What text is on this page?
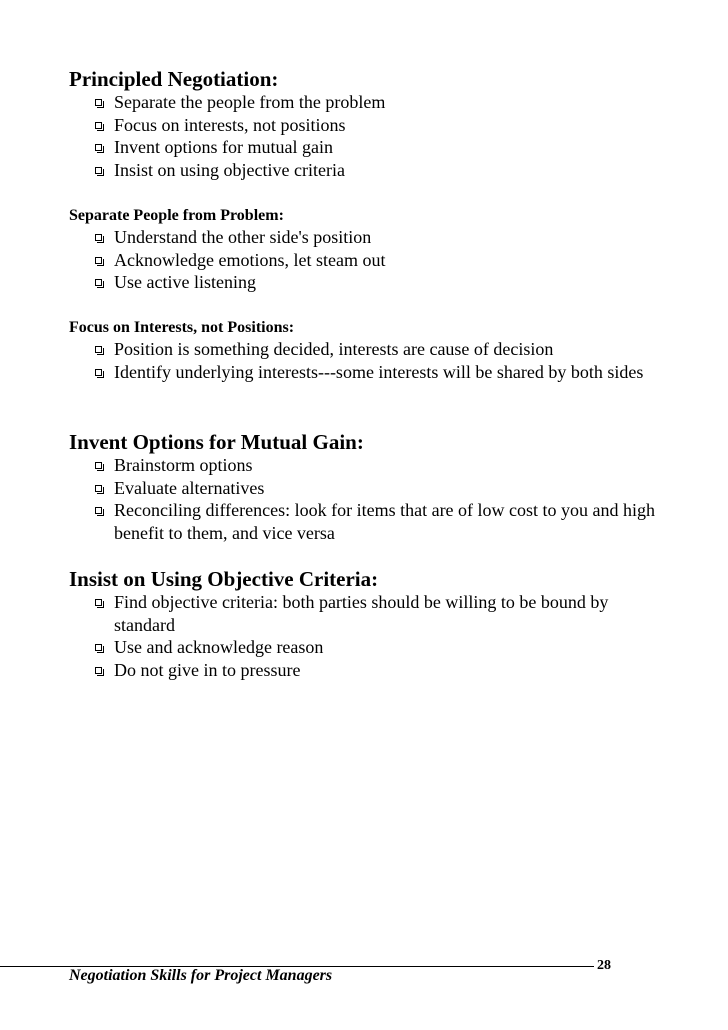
Principled Negotiation:
Separate the people from the problem
Focus on interests, not positions
Invent options for mutual gain
Insist on using objective criteria
Separate People from Problem:
Understand the other side's position
Acknowledge emotions, let steam out
Use active listening
Focus on Interests, not Positions:
Position is something decided, interests are cause of decision
Identify underlying interests---some interests will be shared by both sides
Invent Options for Mutual Gain:
Brainstorm options
Evaluate alternatives
Reconciling differences: look for items that are of low cost to you and high benefit to them, and vice versa
Insist on Using Objective Criteria:
Find objective criteria: both parties should be willing to be bound by standard
Use and acknowledge reason
Do not give in to pressure
Negotiation Skills for Project Managers
28
